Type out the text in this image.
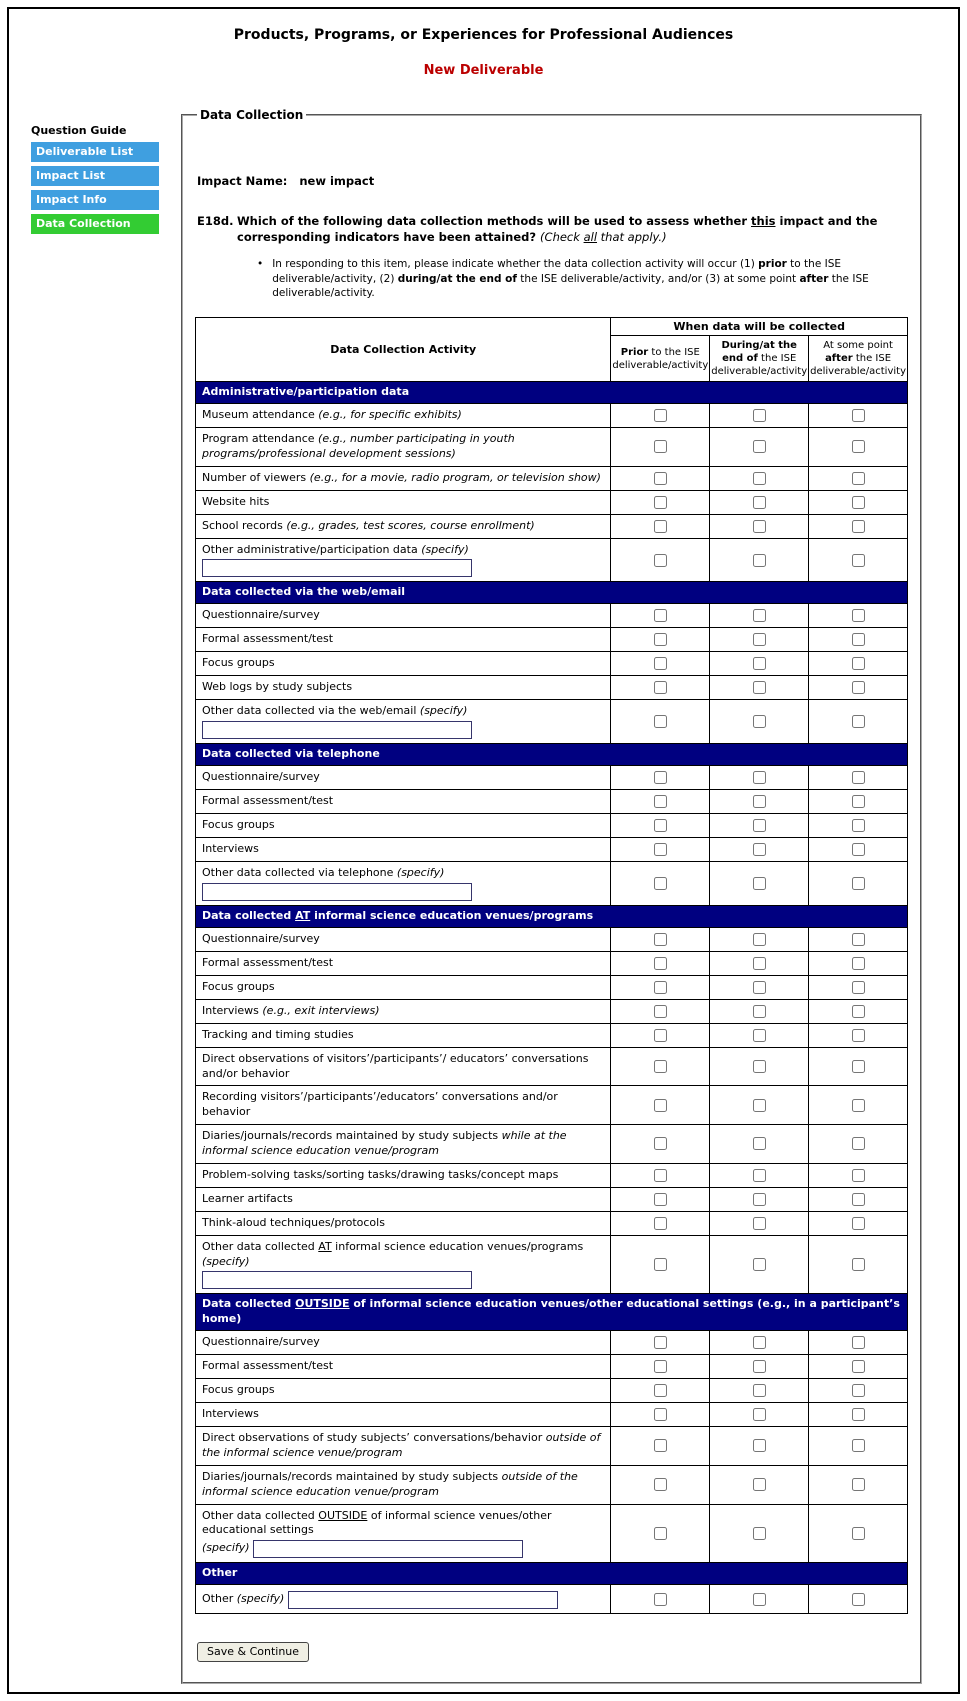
Products, Programs, or Experiences for Professional Audiences
New Deliverable
Question Guide
Deliverable List
Impact List
Impact Info
Data Collection
Data Collection
Impact Name: new impact
E18d. Which of the following data collection methods will be used to assess whether this impact and the corresponding indicators have been attained? (Check all that apply.)
• In responding to this item, please indicate whether the data collection activity will occur (1) prior to the ISE deliverable/activity, (2) during/at the end of the ISE deliverable/activity, and/or (3) at some point after the ISE deliverable/activity.
Data Collection Activity	When data will be collected		
	Prior to the ISE deliverable/activity	During/at the end of the ISE deliverable/activity	At some point after the ISE deliverable/activity
Administrative/participation data			
Museum attendance (e.g., for specific exhibits)			
Program attendance (e.g., number participating in youth programs/professional development sessions)			
Number of viewers (e.g., for a movie, radio program, or television show)			
Website hits			
School records (e.g., grades, test scores, course enrollment)			
Other administrative/participation data (specify)

Data collected via the web/email			
Questionnaire/survey			
Formal assessment/test			
Focus groups			
Web logs by study subjects			
Other data collected via the web/email (specify)

Data collected via telephone			
Questionnaire/survey			
Formal assessment/test			
Focus groups			
Interviews			
Other data collected via telephone (specify)

Data collected AT informal science education venues/programs			
Questionnaire/survey			
Formal assessment/test			
Focus groups			
Interviews (e.g., exit interviews)			
Tracking and timing studies			
Direct observations of visitors’/participants’/ educators’ conversations and/or behavior			
Recording visitors’/participants’/educators’ conversations and/or behavior			
Diaries/journals/records maintained by study subjects while at the informal science education venue/program			
Problem-solving tasks/sorting tasks/drawing tasks/concept maps			
Learner artifacts			
Think-aloud techniques/protocols			
Other data collected AT informal science education venues/programs (specify)

Data collected OUTSIDE of informal science education venues/other educational settings (e.g., in a participant’s home)			
Questionnaire/survey			
Formal assessment/test			
Focus groups			
Interviews			
Direct observations of study subjects’ conversations/behavior outside of the informal science venue/program			
Diaries/journals/records maintained by study subjects outside of the informal science education venue/program			
Other data collected OUTSIDE of informal science venues/other educational settings
(specify)			
Other			
Other (specify)			
Save & Continue
